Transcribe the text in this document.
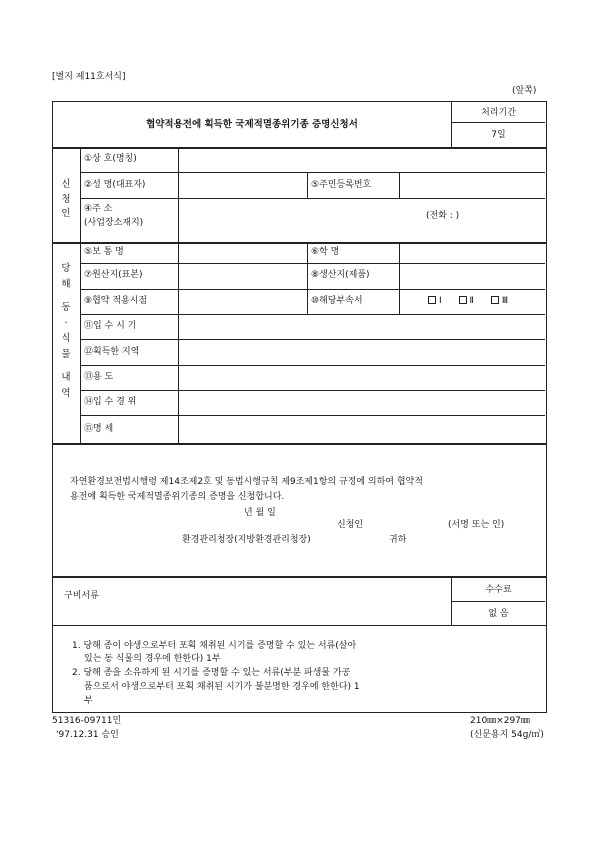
[별지 제11호서식]
(앞쪽)
협약적용전에 획득한 국제적멸종위기종 증명신청서
처리기간
7일
신
청
인
①상 호(명칭)
②성 명(대표자)	⑤주민등록번호
④주 소
(사업장소재지)
(전화 : )
당
해
동
·
식
물
내
역
⑤보 통 명	⑥학 명
⑦원산지(표본)	⑧생산지(제품)
⑨협약 적용시점	⑩해당부속서	Ⅰ	Ⅱ	Ⅲ
⑪입 수 시 기
⑫획득한 지역
⑬용 도
⑭입 수 경 위
⑮명 세
자연환경보전법시행령 제14조제2호 및 동법시행규칙 제9조제1항의 규정에 의하여 협약적
용전에 획득한 국제적멸종위기종의 증명을 신청합니다.
년 월 일
신청인	(서명 또는 인)
환경관리청장(지방환경관리청장)	귀하
구비서류
수수료
없 음
1. 당해 종이 야생으로부터 포획 채취된 시기를 증명할 수 있는 서류(살아
있는 동 식물의 경우에 한한다) 1부
2. 당해 종을 소유하게 된 시기를 증명할 수 있는 서류(부분 파생물 가공
품으로서 야생으로부터 포획 채취된 시기가 불분명한 경우에 한한다) 1
부
51316-09711민
'97.12.31 승인
210㎜×297㎜
(신문용지 54g/㎡)
